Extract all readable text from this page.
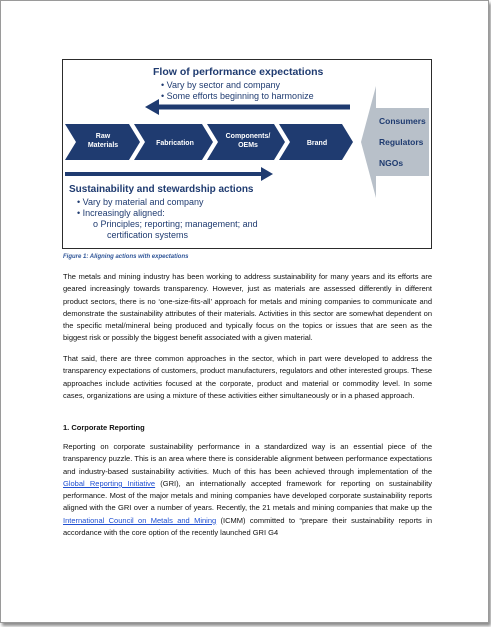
Raw
Materials	Fabrication
Components/
OEMs	Brand
Flow of performance expectations
• Vary by sector and company
• Some efforts beginning to harmonize
Consumers
Regulators
NGOs
Sustainability and stewardship actions
• Vary by material and company
• Increasingly aligned:
o Principles; reporting; management; and
certification systems
Figure 1: Aligning actions with expectations

The metals and mining industry has been working to address sustainability for many years and its efforts are geared increasingly towards transparency. However, just as materials are assessed differently in different product sectors, there is no ‘one-size-fits-all’ approach for metals and mining companies to communicate and demonstrate the sustainability attributes of their materials. Activities in this sector are somewhat dependent on the specific metal/mineral being produced and typically focus on the topics or issues that are seen as the biggest risk or possibly the biggest benefit associated with a given material.

That said, there are three common approaches in the sector, which in part were developed to address the transparency expectations of customers, product manufacturers, regulators and other interested groups. These approaches include activities focused at the corporate, product and material or commodity level. In some cases, organizations are using a mixture of these activities either simultaneously or in a phased approach.

1. Corporate Reporting

Reporting on corporate sustainability performance in a standardized way is an essential piece of the transparency puzzle. This is an area where there is considerable alignment between performance expectations and industry-based sustainability activities. Much of this has been achieved through implementation of the Global Reporting Initiative (GRI), an internationally accepted framework for reporting on sustainability performance. Most of the major metals and mining companies have developed corporate sustainability reports aligned with the GRI over a number of years. Recently, the 21 metals and mining companies that make up the International Council on Metals and Mining (ICMM) committed to “prepare their sustainability reports in accordance with the core option of the recently launched GRI G4
